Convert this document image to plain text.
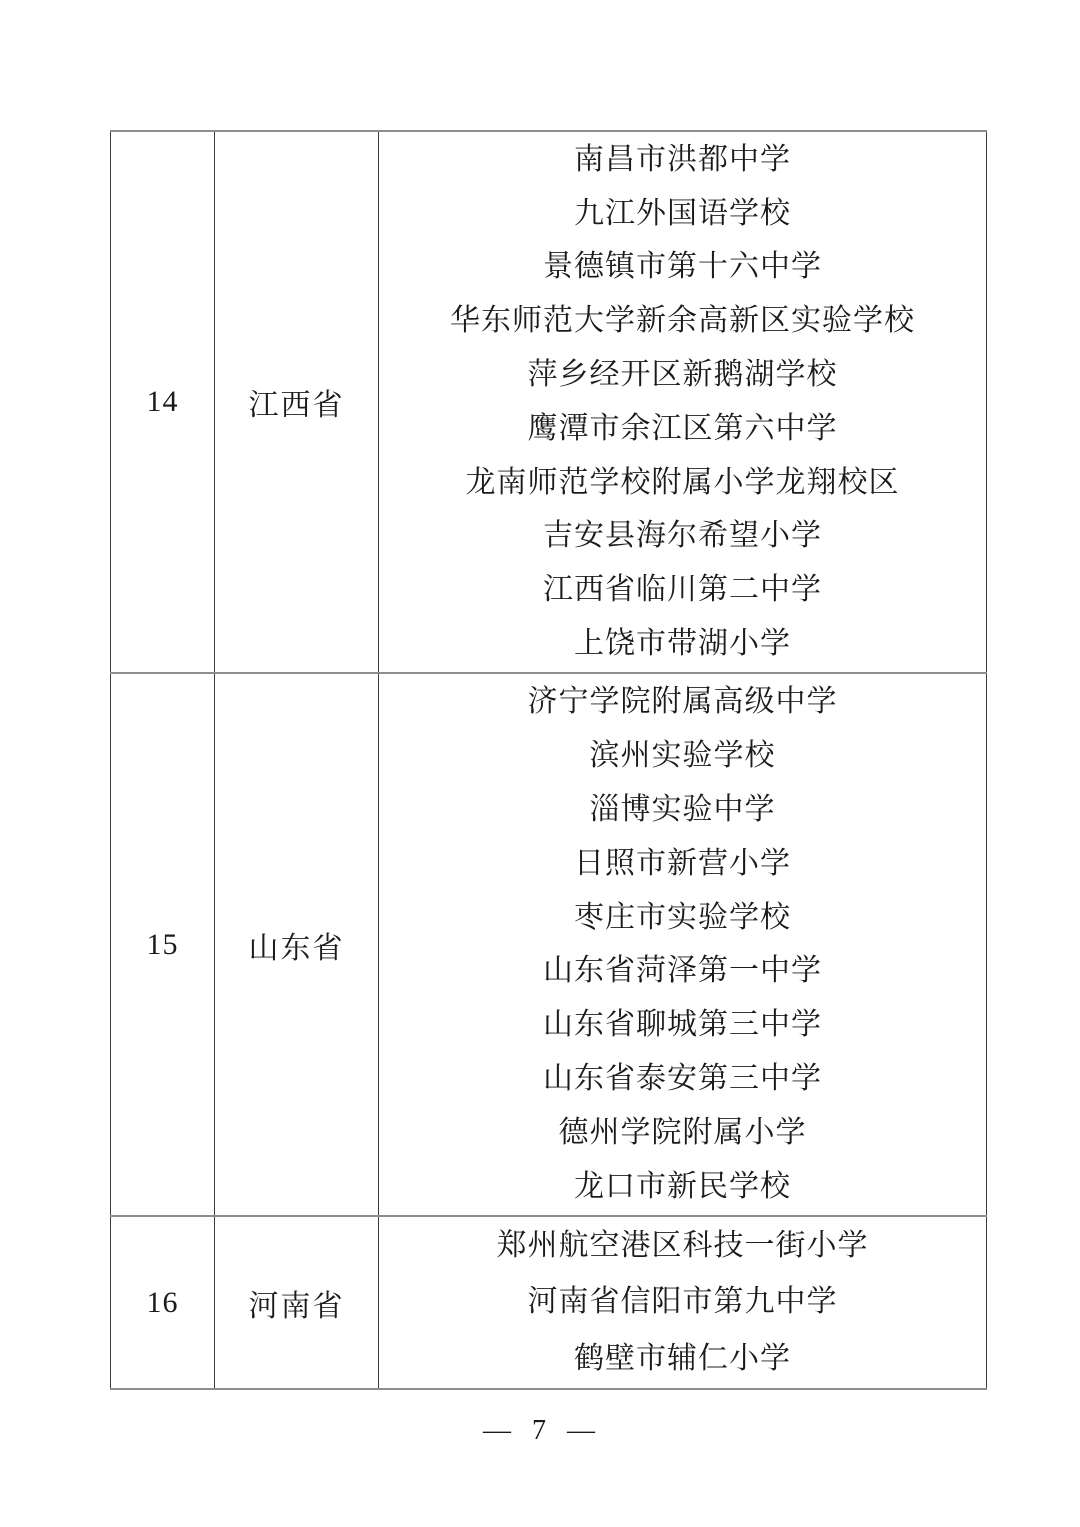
14	江西省	
南昌市洪都中学
九江外国语学校
景德镇市第十六中学
华东师范大学新余高新区实验学校
萍乡经开区新鹅湖学校
鹰潭市余江区第六中学
龙南师范学校附属小学龙翔校区
吉安县海尔希望小学
江西省临川第二中学
上饶市带湖小学

15	山东省	
济宁学院附属高级中学
滨州实验学校
淄博实验中学
日照市新营小学
枣庄市实验学校
山东省菏泽第一中学
山东省聊城第三中学
山东省泰安第三中学
德州学院附属小学
龙口市新民学校

16	河南省	郑州航空港区科技一街小学
河南省信阳市第九中学
鹤壁市辅仁小学
— 7 —
